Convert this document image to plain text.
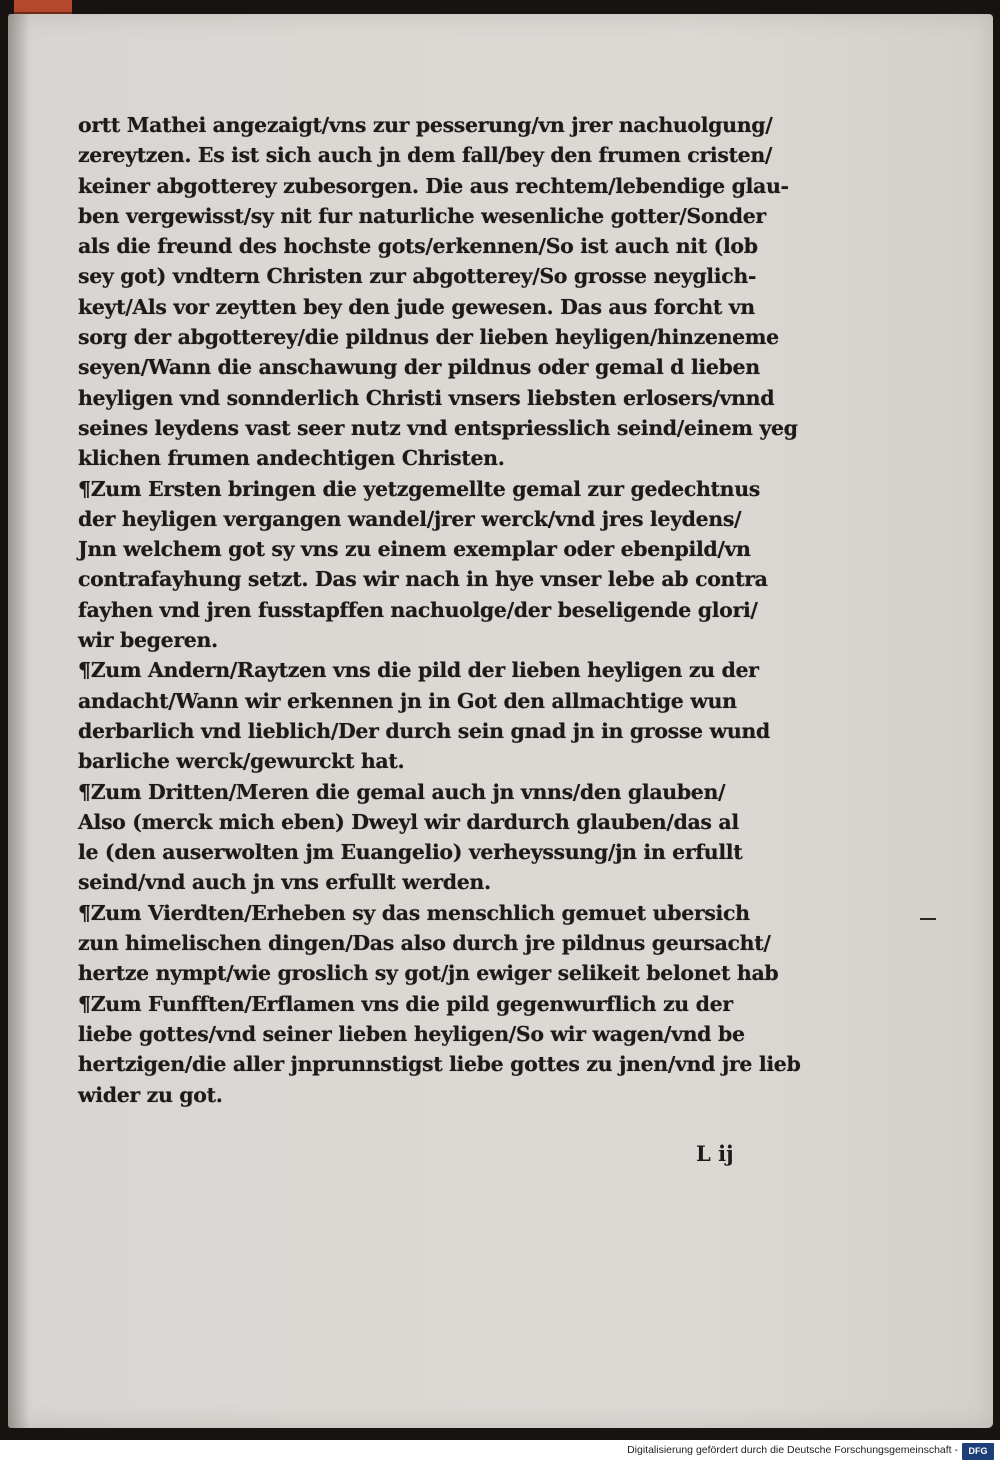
ortt Mathei angezaigt/vns zur pesserung/vn jrer nachuolgung/
zereytzen. Es ist sich auch jn dem fall/bey den frumen cristen/
keiner abgotterey zubesorgen. Die aus rechtem/lebendige glau-
ben vergewisst/sy nit fur naturliche wesenliche gotter/Sonder
als die freund des hochste gots/erkennen/So ist auch nit (lob
sey got) vndtern Christen zur abgotterey/So grosse neyglich-
keyt/Als vor zeytten bey den jude gewesen. Das aus forcht vn
sorg der abgotterey/die pildnus der lieben heyligen/hinzeneme
seyen/Wann die anschawung der pildnus oder gemal d lieben
heyligen vnd sonnderlich Christi vnsers liebsten erlosers/vnnd
seines leydens vast seer nutz vnd entspriesslich seind/einem yeg
klichen frumen andechtigen Christen.
¶Zum Ersten bringen die yetzgemellte gemal zur gedechtnus
der heyligen vergangen wandel/jrer werck/vnd jres leydens/
Jnn welchem got sy vns zu einem exemplar oder ebenpild/vn
contrafayhung setzt. Das wir nach in hye vnser lebe ab contra
fayhen vnd jren fusstapffen nachuolge/der beseligende glori/
wir begeren.
¶Zum Andern/Raytzen vns die pild der lieben heyligen zu der
andacht/Wann wir erkennen jn in Got den allmachtige wun
derbarlich vnd lieblich/Der durch sein gnad jn in grosse wund
barliche werck/gewurckt hat.
¶Zum Dritten/Meren die gemal auch jn vnns/den glauben/
Also (merck mich eben) Dweyl wir dardurch glauben/das al
le (den auserwolten jm Euangelio) verheyssung/jn in erfullt
seind/vnd auch jn vns erfullt werden.
¶Zum Vierdten/Erheben sy das menschlich gemuet ubersich
zun himelischen dingen/Das also durch jre pildnus geursacht/
hertze nympt/wie groslich sy got/jn ewiger selikeit belonet hab
¶Zum Funfften/Erflamen vns die pild gegenwurflich zu der
liebe gottes/vnd seiner lieben heyligen/So wir wagen/vnd be
hertzigen/die aller jnprunnstigst liebe gottes zu jnen/vnd jre lieb
wider zu got.
L ij
Digitalisierung gefördert durch die Deutsche Forschungsgemeinschaft -	DFG
